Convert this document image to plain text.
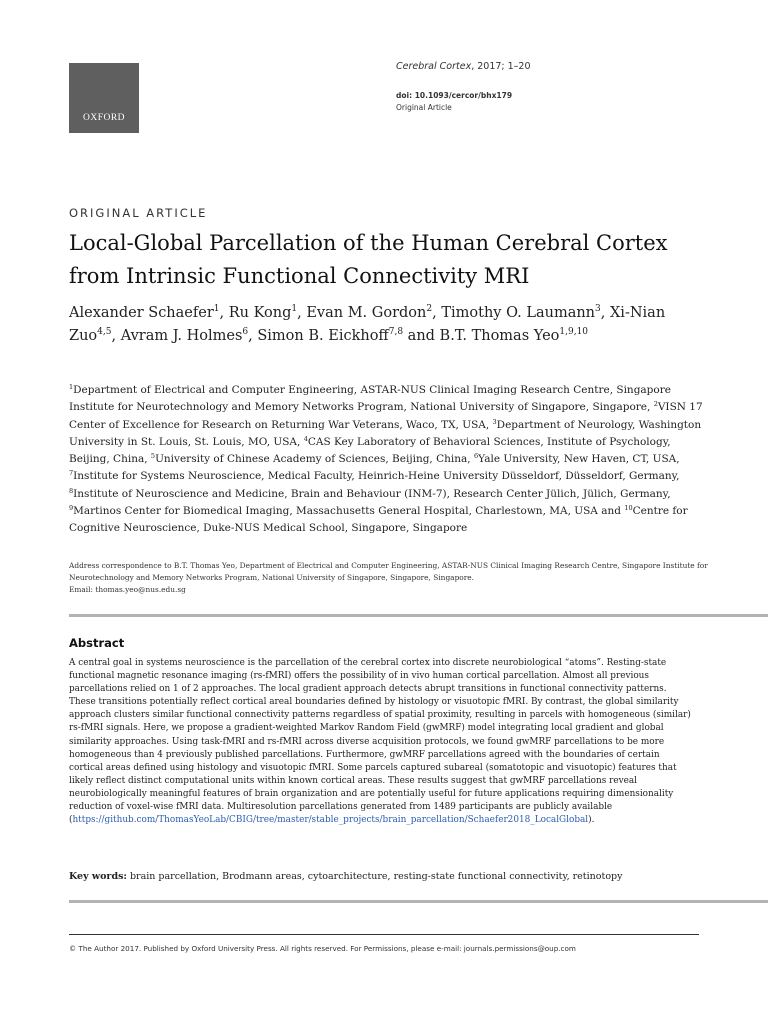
OXFORD
Cerebral Cortex, 2017; 1–20
doi: 10.1093/cercor/bhx179
Original Article
ORIGINAL ARTICLE
Local-Global Parcellation of the Human Cerebral Cortex from Intrinsic Functional Connectivity MRI

Alexander Schaefer$^1$, Ru Kong$^1$, Evan M. Gordon$^2$, Timothy O. Laumann$^3$, Xi-Nian Zuo$^{4,5}$, Avram J. Holmes$^6$, Simon B. Eickhoff$^{7,8}$ and B.T. Thomas Yeo$^{1,9,10}$

$^1$Department of Electrical and Computer Engineering, ASTAR-NUS Clinical Imaging Research Centre, Singapore Institute for Neurotechnology and Memory Networks Program, National University of Singapore, Singapore, $^2$VISN 17 Center of Excellence for Research on Returning War Veterans, Waco, TX, USA, $^3$Department of Neurology, Washington University in St. Louis, St. Louis, MO, USA, $^4$CAS Key Laboratory of Behavioral Sciences, Institute of Psychology, Beijing, China, $^5$University of Chinese Academy of Sciences, Beijing, China, $^6$Yale University, New Haven, CT, USA, $^7$Institute for Systems Neuroscience, Medical Faculty, Heinrich-Heine University Düsseldorf, Düsseldorf, Germany, $^8$Institute of Neuroscience and Medicine, Brain and Behaviour (INM-7), Research Center Jülich, Jülich, Germany, $^9$Martinos Center for Biomedical Imaging, Massachusetts General Hospital, Charlestown, MA, USA and $^{10}$Centre for Cognitive Neuroscience, Duke-NUS Medical School, Singapore, Singapore

Address correspondence to B.T. Thomas Yeo, Department of Electrical and Computer Engineering, ASTAR-NUS Clinical Imaging Research Centre, Singapore Institute for Neurotechnology and Memory Networks Program, National University of Singapore, Singapore, Singapore.
Email: thomas.yeo@nus.edu.sg

Abstract

A central goal in systems neuroscience is the parcellation of the cerebral cortex into discrete neurobiological “atoms”. Resting-state functional magnetic resonance imaging (rs-fMRI) offers the possibility of in vivo human cortical parcellation. Almost all previous parcellations relied on 1 of 2 approaches. The local gradient approach detects abrupt transitions in functional connectivity patterns. These transitions potentially reflect cortical areal boundaries defined by histology or visuotopic fMRI. By contrast, the global similarity approach clusters similar functional connectivity patterns regardless of spatial proximity, resulting in parcels with homogeneous (similar) rs-fMRI signals. Here, we propose a gradient-weighted Markov Random Field (gwMRF) model integrating local gradient and global similarity approaches. Using task-fMRI and rs-fMRI across diverse acquisition protocols, we found gwMRF parcellations to be more homogeneous than 4 previously published parcellations. Furthermore, gwMRF parcellations agreed with the boundaries of certain cortical areas defined using histology and visuotopic fMRI. Some parcels captured subareal (somatotopic and visuotopic) features that likely reflect distinct computational units within known cortical areas. These results suggest that gwMRF parcellations reveal neurobiologically meaningful features of brain organization and are potentially useful for future applications requiring dimensionality reduction of voxel-wise fMRI data. Multiresolution parcellations generated from 1489 participants are publicly available (https://github.com/ThomasYeoLab/CBIG/tree/master/stable_projects/brain_parcellation/Schaefer2018_LocalGlobal).

Key words: brain parcellation, Brodmann areas, cytoarchitecture, resting-state functional connectivity, retinotopy

© The Author 2017. Published by Oxford University Press. All rights reserved. For Permissions, please e-mail: journals.permissions@oup.com
